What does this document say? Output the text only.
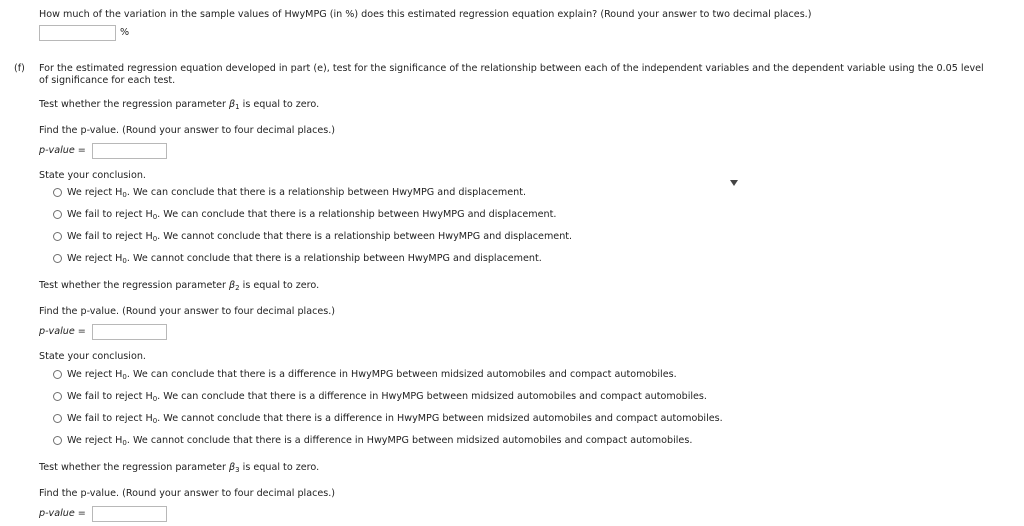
How much of the variation in the sample values of HwyMPG (in %) does this estimated regression equation explain? (Round your answer to two decimal places.)
%
(f) For the estimated regression equation developed in part (e), test for the significance of the relationship between each of the independent variables and the dependent variable using the 0.05 level
of significance for each test.
Test whether the regression parameter $\beta_1$ is equal to zero.
Find the p-value. (Round your answer to four decimal places.)
p-value =
State your conclusion.
We reject $H_0$. We can conclude that there is a relationship between HwyMPG and displacement.
We fail to reject $H_0$. We can conclude that there is a relationship between HwyMPG and displacement.
We fail to reject $H_0$. We cannot conclude that there is a relationship between HwyMPG and displacement.
We reject $H_0$. We cannot conclude that there is a relationship between HwyMPG and displacement.
Test whether the regression parameter $\beta_2$ is equal to zero.
Find the p-value. (Round your answer to four decimal places.)
p-value =
State your conclusion.
We reject $H_0$. We can conclude that there is a difference in HwyMPG between midsized automobiles and compact automobiles.
We fail to reject $H_0$. We can conclude that there is a difference in HwyMPG between midsized automobiles and compact automobiles.
We fail to reject $H_0$. We cannot conclude that there is a difference in HwyMPG between midsized automobiles and compact automobiles.
We reject $H_0$. We cannot conclude that there is a difference in HwyMPG between midsized automobiles and compact automobiles.
Test whether the regression parameter $\beta_3$ is equal to zero.
Find the p-value. (Round your answer to four decimal places.)
p-value =
